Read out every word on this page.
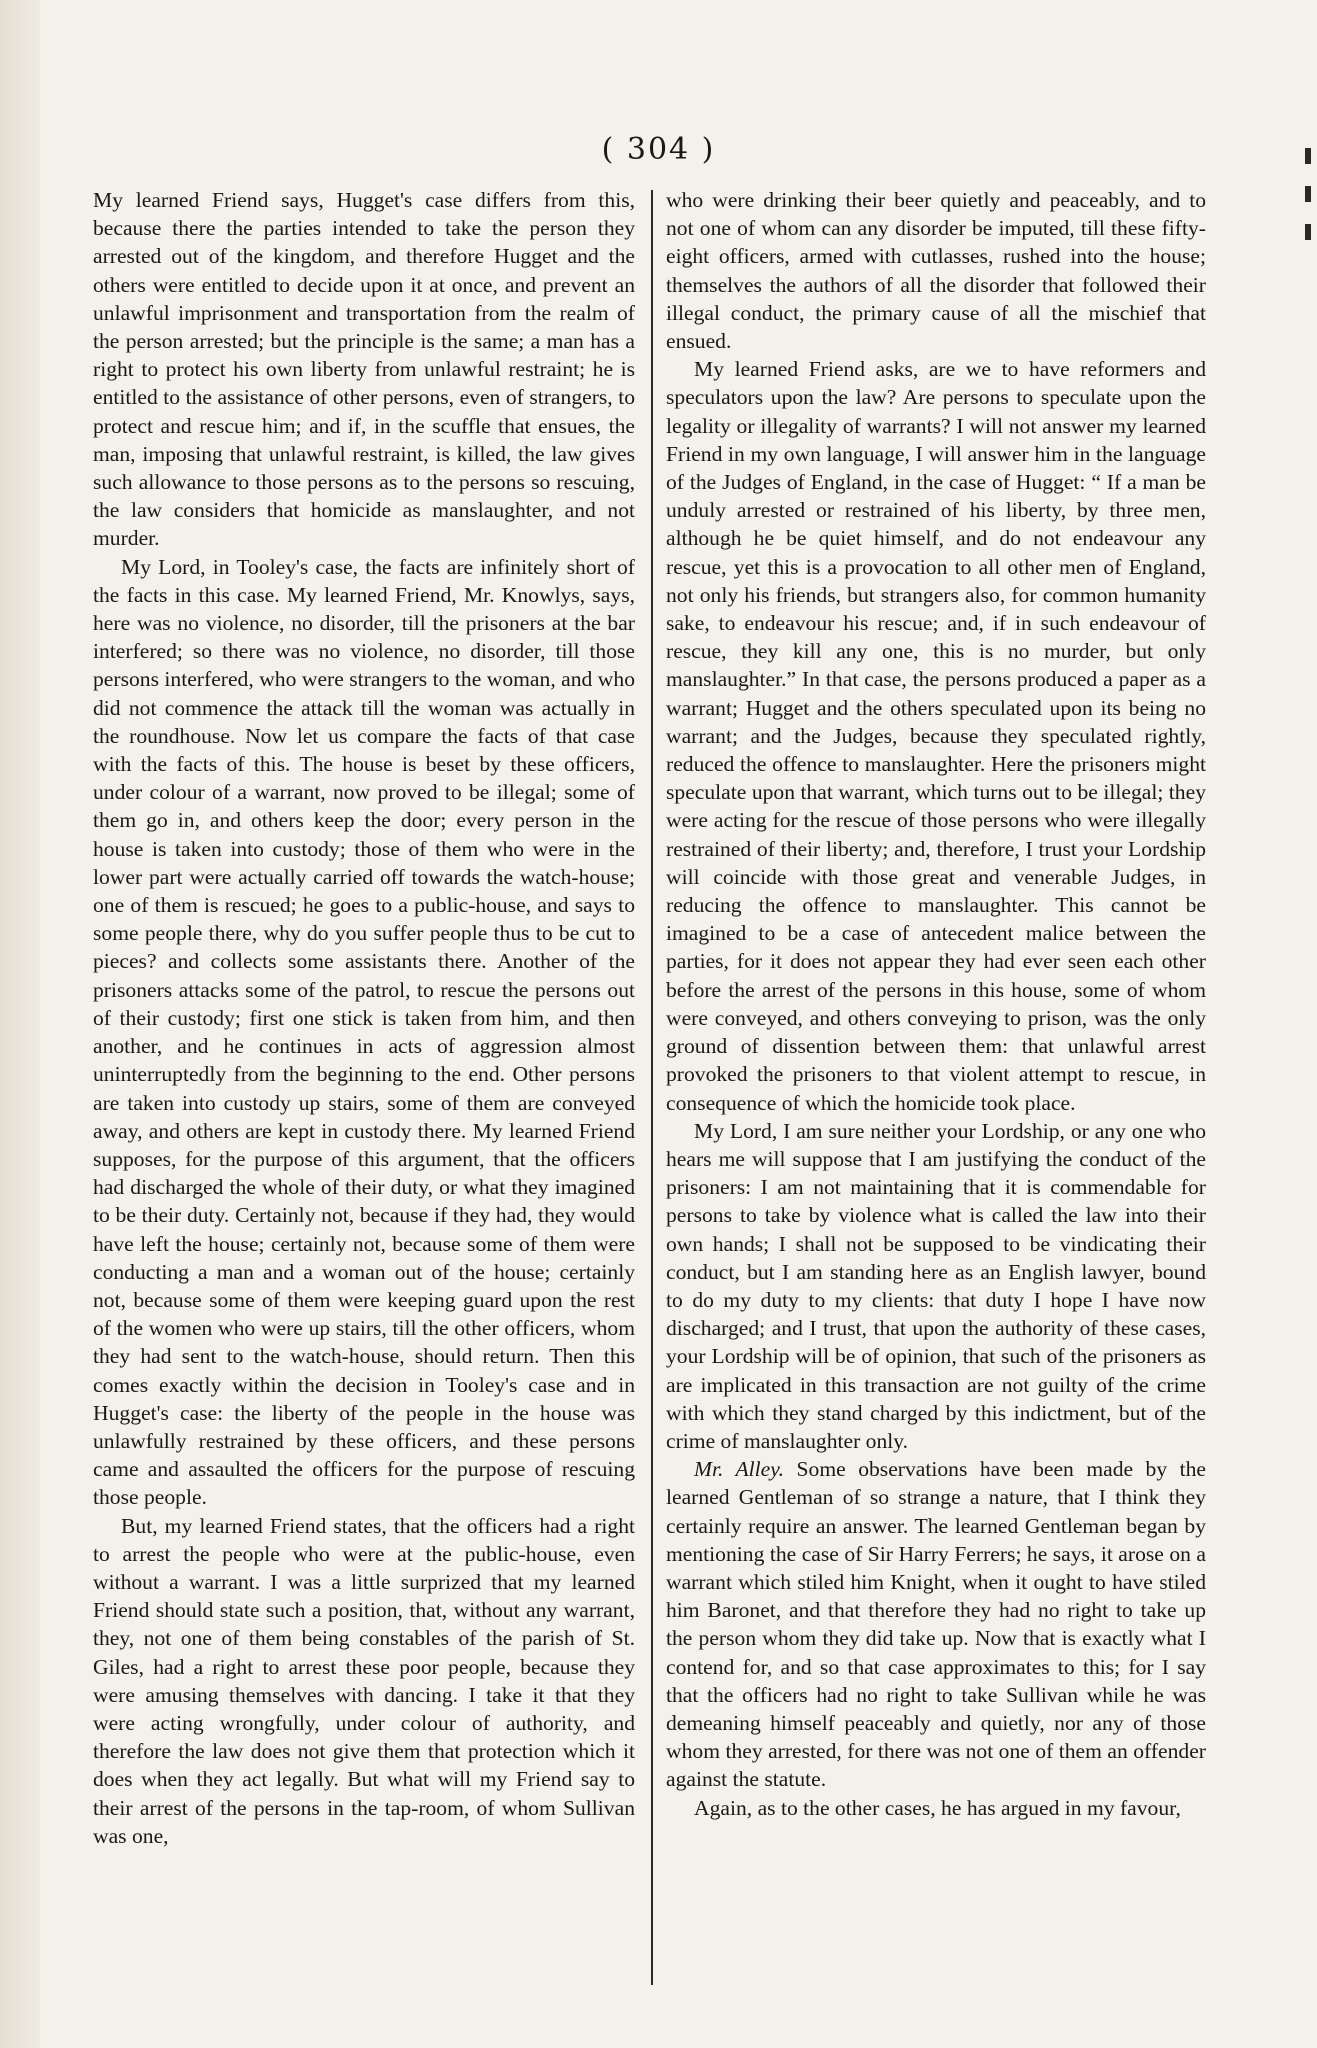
( 304 )

My learned Friend says, Hugget's case differs from this, because there the parties intended to take the person they arrested out of the kingdom, and therefore Hugget and the others were entitled to decide upon it at once, and prevent an unlawful imprisonment and transportation from the realm of the person arrested; but the principle is the same; a man has a right to protect his own liberty from unlawful restraint; he is entitled to the assistance of other persons, even of strangers, to protect and rescue him; and if, in the scuffle that ensues, the man, imposing that unlawful restraint, is killed, the law gives such allowance to those persons as to the persons so rescuing, the law considers that homicide as manslaughter, and not murder.

My Lord, in Tooley's case, the facts are infinitely short of the facts in this case. My learned Friend, Mr. Knowlys, says, here was no violence, no disorder, till the prisoners at the bar interfered; so there was no violence, no disorder, till those persons interfered, who were strangers to the woman, and who did not commence the attack till the woman was actually in the roundhouse. Now let us compare the facts of that case with the facts of this. The house is beset by these officers, under colour of a warrant, now proved to be illegal; some of them go in, and others keep the door; every person in the house is taken into custody; those of them who were in the lower part were actually carried off towards the watch-house; one of them is rescued; he goes to a public-house, and says to some people there, why do you suffer people thus to be cut to pieces? and collects some assistants there. Another of the prisoners attacks some of the patrol, to rescue the persons out of their custody; first one stick is taken from him, and then another, and he continues in acts of aggression almost uninterruptedly from the beginning to the end. Other persons are taken into custody up stairs, some of them are conveyed away, and others are kept in custody there. My learned Friend supposes, for the purpose of this argument, that the officers had discharged the whole of their duty, or what they imagined to be their duty. Certainly not, because if they had, they would have left the house; certainly not, because some of them were conducting a man and a woman out of the house; certainly not, because some of them were keeping guard upon the rest of the women who were up stairs, till the other officers, whom they had sent to the watch-house, should return. Then this comes exactly within the decision in Tooley's case and in Hugget's case: the liberty of the people in the house was unlawfully restrained by these officers, and these persons came and assaulted the officers for the purpose of rescuing those people.

But, my learned Friend states, that the officers had a right to arrest the people who were at the public-house, even without a warrant. I was a little surprized that my learned Friend should state such a position, that, without any warrant, they, not one of them being constables of the parish of St. Giles, had a right to arrest these poor people, because they were amusing themselves with dancing. I take it that they were acting wrongfully, under colour of authority, and therefore the law does not give them that protection which it does when they act legally. But what will my Friend say to their arrest of the persons in the tap-room, of whom Sullivan was one,

who were drinking their beer quietly and peaceably, and to not one of whom can any disorder be imputed, till these fifty-eight officers, armed with cutlasses, rushed into the house; themselves the authors of all the disorder that followed their illegal conduct, the primary cause of all the mischief that ensued.

My learned Friend asks, are we to have reformers and speculators upon the law? Are persons to speculate upon the legality or illegality of warrants? I will not answer my learned Friend in my own language, I will answer him in the language of the Judges of England, in the case of Hugget: “ If a man be unduly arrested or restrained of his liberty, by three men, although he be quiet himself, and do not endeavour any rescue, yet this is a provocation to all other men of England, not only his friends, but strangers also, for common humanity sake, to endeavour his rescue; and, if in such endeavour of rescue, they kill any one, this is no murder, but only manslaughter.” In that case, the persons produced a paper as a warrant; Hugget and the others speculated upon its being no warrant; and the Judges, because they speculated rightly, reduced the offence to manslaughter. Here the prisoners might speculate upon that warrant, which turns out to be illegal; they were acting for the rescue of those persons who were illegally restrained of their liberty; and, therefore, I trust your Lordship will coincide with those great and venerable Judges, in reducing the offence to manslaughter. This cannot be imagined to be a case of antecedent malice between the parties, for it does not appear they had ever seen each other before the arrest of the persons in this house, some of whom were conveyed, and others conveying to prison, was the only ground of dissention between them: that unlawful arrest provoked the prisoners to that violent attempt to rescue, in consequence of which the homicide took place.

My Lord, I am sure neither your Lordship, or any one who hears me will suppose that I am justifying the conduct of the prisoners: I am not maintaining that it is commendable for persons to take by violence what is called the law into their own hands; I shall not be supposed to be vindicating their conduct, but I am standing here as an English lawyer, bound to do my duty to my clients: that duty I hope I have now discharged; and I trust, that upon the authority of these cases, your Lordship will be of opinion, that such of the prisoners as are implicated in this transaction are not guilty of the crime with which they stand charged by this indictment, but of the crime of manslaughter only.

Mr. Alley. Some observations have been made by the learned Gentleman of so strange a nature, that I think they certainly require an answer. The learned Gentleman began by mentioning the case of Sir Harry Ferrers; he says, it arose on a warrant which stiled him Knight, when it ought to have stiled him Baronet, and that therefore they had no right to take up the person whom they did take up. Now that is exactly what I contend for, and so that case approximates to this; for I say that the officers had no right to take Sullivan while he was demeaning himself peaceably and quietly, nor any of those whom they arrested, for there was not one of them an offender against the statute.

Again, as to the other cases, he has argued in my favour,
